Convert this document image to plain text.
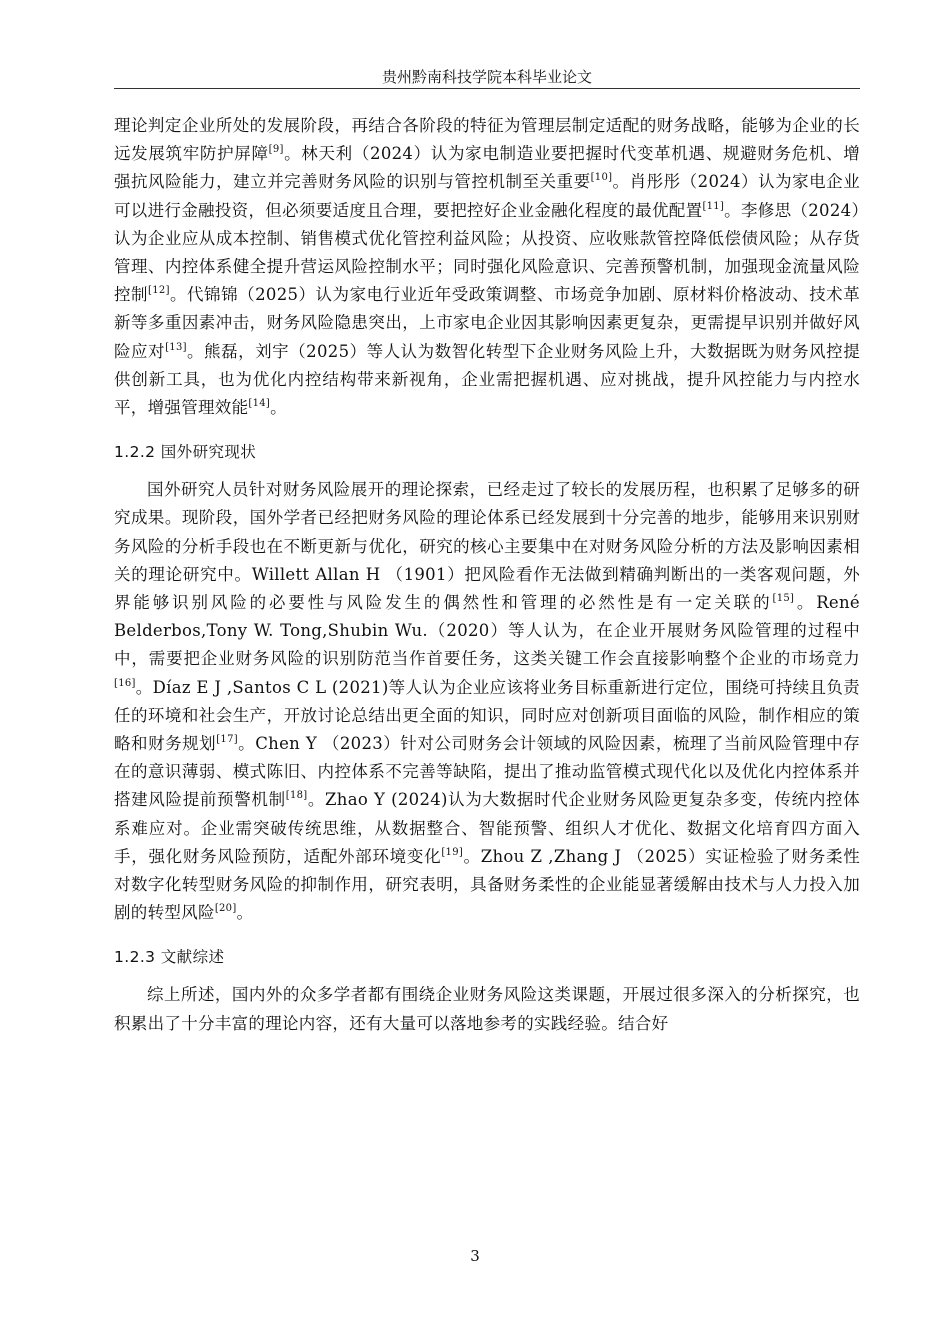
贵州黔南科技学院本科毕业论文

理论判定企业所处的发展阶段，再结合各阶段的特征为管理层制定适配的财务战略，能够为企业的长远发展筑牢防护屏障[9]。林天利（2024）认为家电制造业要把握时代变革机遇、规避财务危机、增强抗风险能力，建立并完善财务风险的识别与管控机制至关重要[10]。肖彤彤（2024）认为家电企业可以进行金融投资，但必须要适度且合理，要把控好企业金融化程度的最优配置[11]。李修思（2024）认为企业应从成本控制、销售模式优化管控利益风险；从投资、应收账款管控降低偿债风险；从存货管理、内控体系健全提升营运风险控制水平；同时强化风险意识、完善预警机制，加强现金流量风险控制[12]。代锦锦（2025）认为家电行业近年受政策调整、市场竞争加剧、原材料价格波动、技术革新等多重因素冲击，财务风险隐患突出，上市家电企业因其影响因素更复杂，更需提早识别并做好风险应对[13]。熊磊，刘宇（2025）等人认为数智化转型下企业财务风险上升，大数据既为财务风控提供创新工具，也为优化内控结构带来新视角，企业需把握机遇、应对挑战，提升风控能力与内控水平，增强管理效能[14]。

1.2.2 国外研究现状

国外研究人员针对财务风险展开的理论探索，已经走过了较长的发展历程，也积累了足够多的研究成果。现阶段，国外学者已经把财务风险的理论体系已经发展到十分完善的地步，能够用来识别财务风险的分析手段也在不断更新与优化，研究的核心主要集中在对财务风险分析的方法及影响因素相关的理论研究中。Willett Allan H （1901）把风险看作无法做到精确判断出的一类客观问题，外界能够识别风险的必要性与风险发生的偶然性和管理的必然性是有一定关联的[15]。René Belderbos,Tony W. Tong,Shubin Wu.（2020）等人认为，在企业开展财务风险管理的过程中中，需要把企业财务风险的识别防范当作首要任务，这类关键工作会直接影响整个企业的市场竞力[16]。Díaz E J ,Santos C L (2021)等人认为企业应该将业务目标重新进行定位，围绕可持续且负责任的环境和社会生产，开放讨论总结出更全面的知识，同时应对创新项目面临的风险，制作相应的策略和财务规划[17]。Chen Y （2023）针对公司财务会计领域的风险因素，梳理了当前风险管理中存在的意识薄弱、模式陈旧、内控体系不完善等缺陷，提出了推动监管模式现代化以及优化内控体系并搭建风险提前预警机制[18]。Zhao Y (2024)认为大数据时代企业财务风险更复杂多变，传统内控体系难应对。企业需突破传统思维，从数据整合、智能预警、组织人才优化、数据文化培育四方面入手，强化财务风险预防，适配外部环境变化[19]。Zhou Z ,Zhang J （2025）实证检验了财务柔性对数字化转型财务风险的抑制作用，研究表明，具备财务柔性的企业能显著缓解由技术与人力投入加剧的转型风险[20]。

1.2.3 文献综述

综上所述，国内外的众多学者都有围绕企业财务风险这类课题，开展过很多深入的分析探究，也积累出了十分丰富的理论内容，还有大量可以落地参考的实践经验。结合好

3
